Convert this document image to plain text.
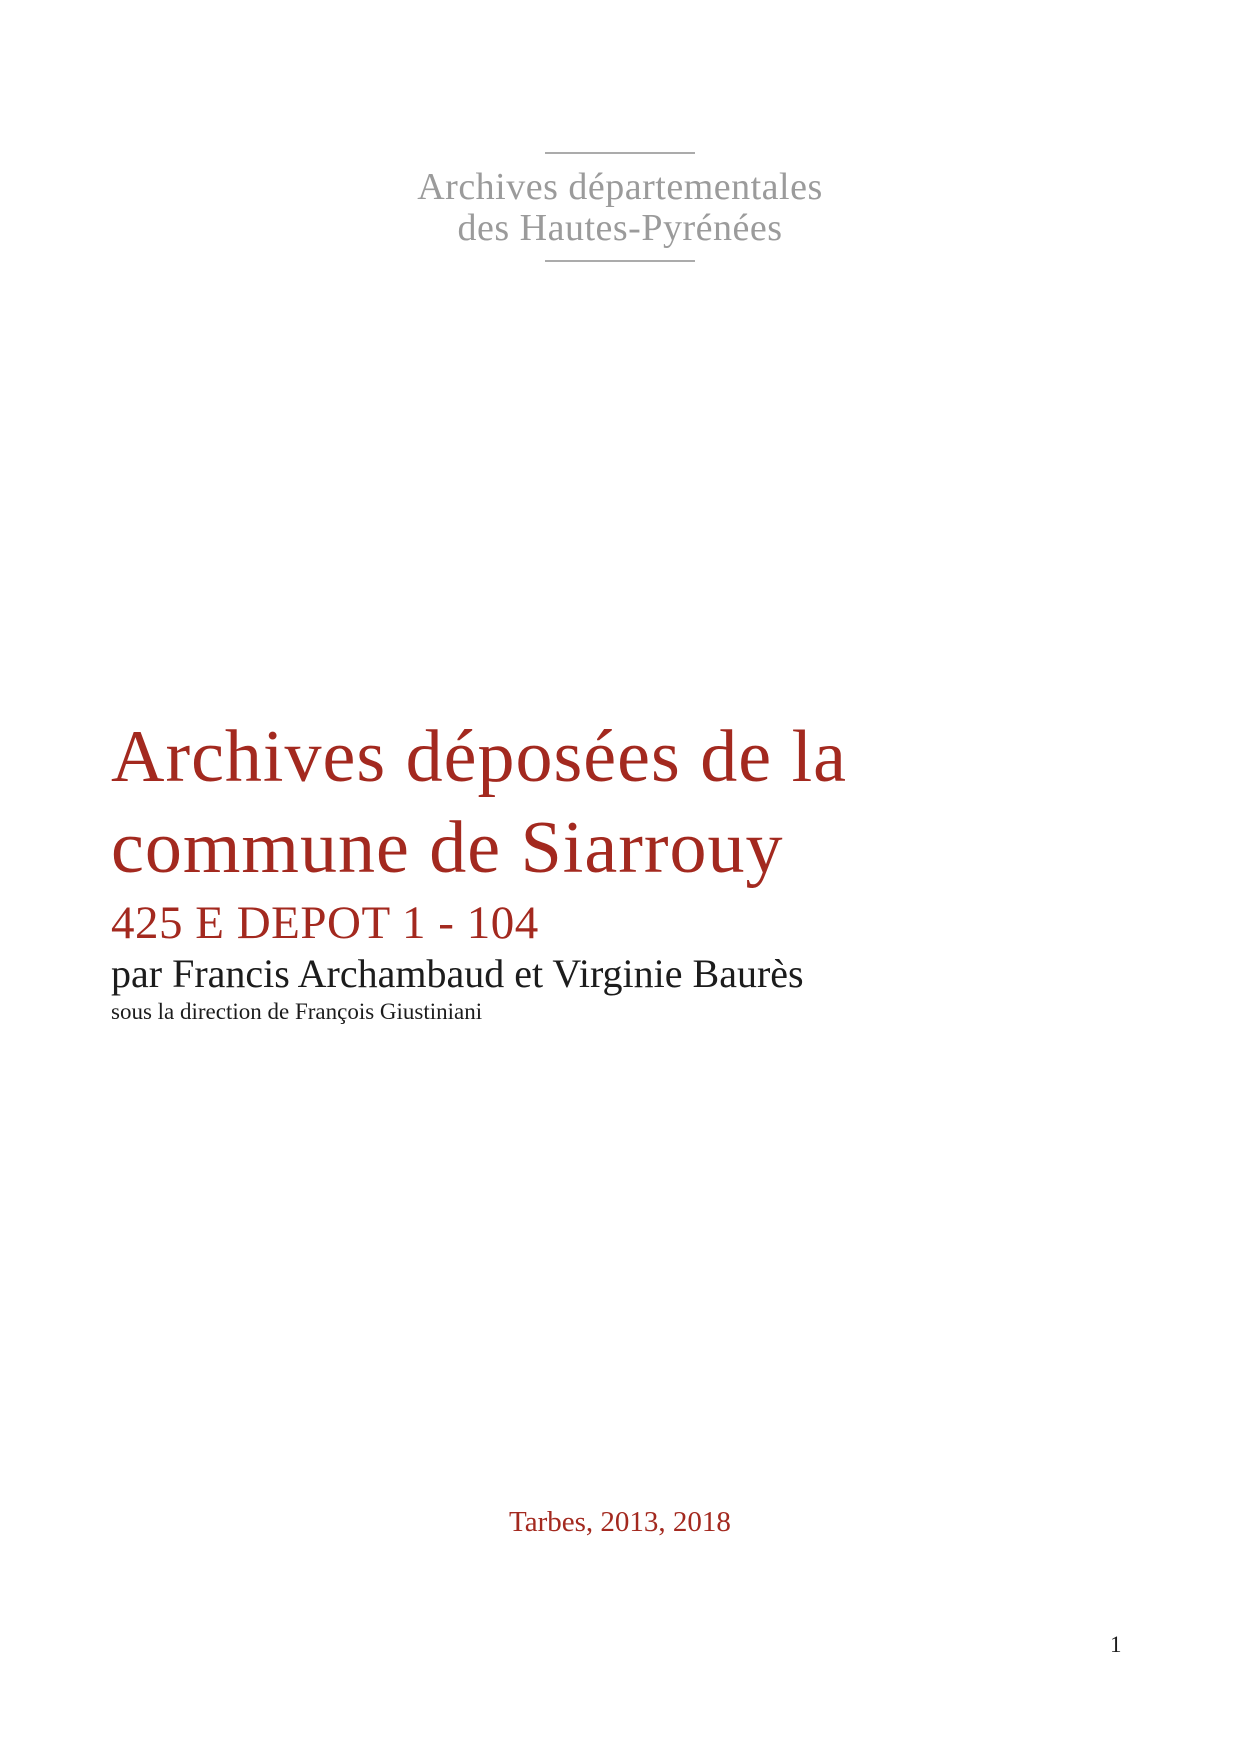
Archives départementales
des Hautes-Pyrénées
Archives déposées de la
commune de Siarrouy
425 E DEPOT 1 - 104
par Francis Archambaud et Virginie Baurès
sous la direction de François Giustiniani
Tarbes, 2013, 2018
1
